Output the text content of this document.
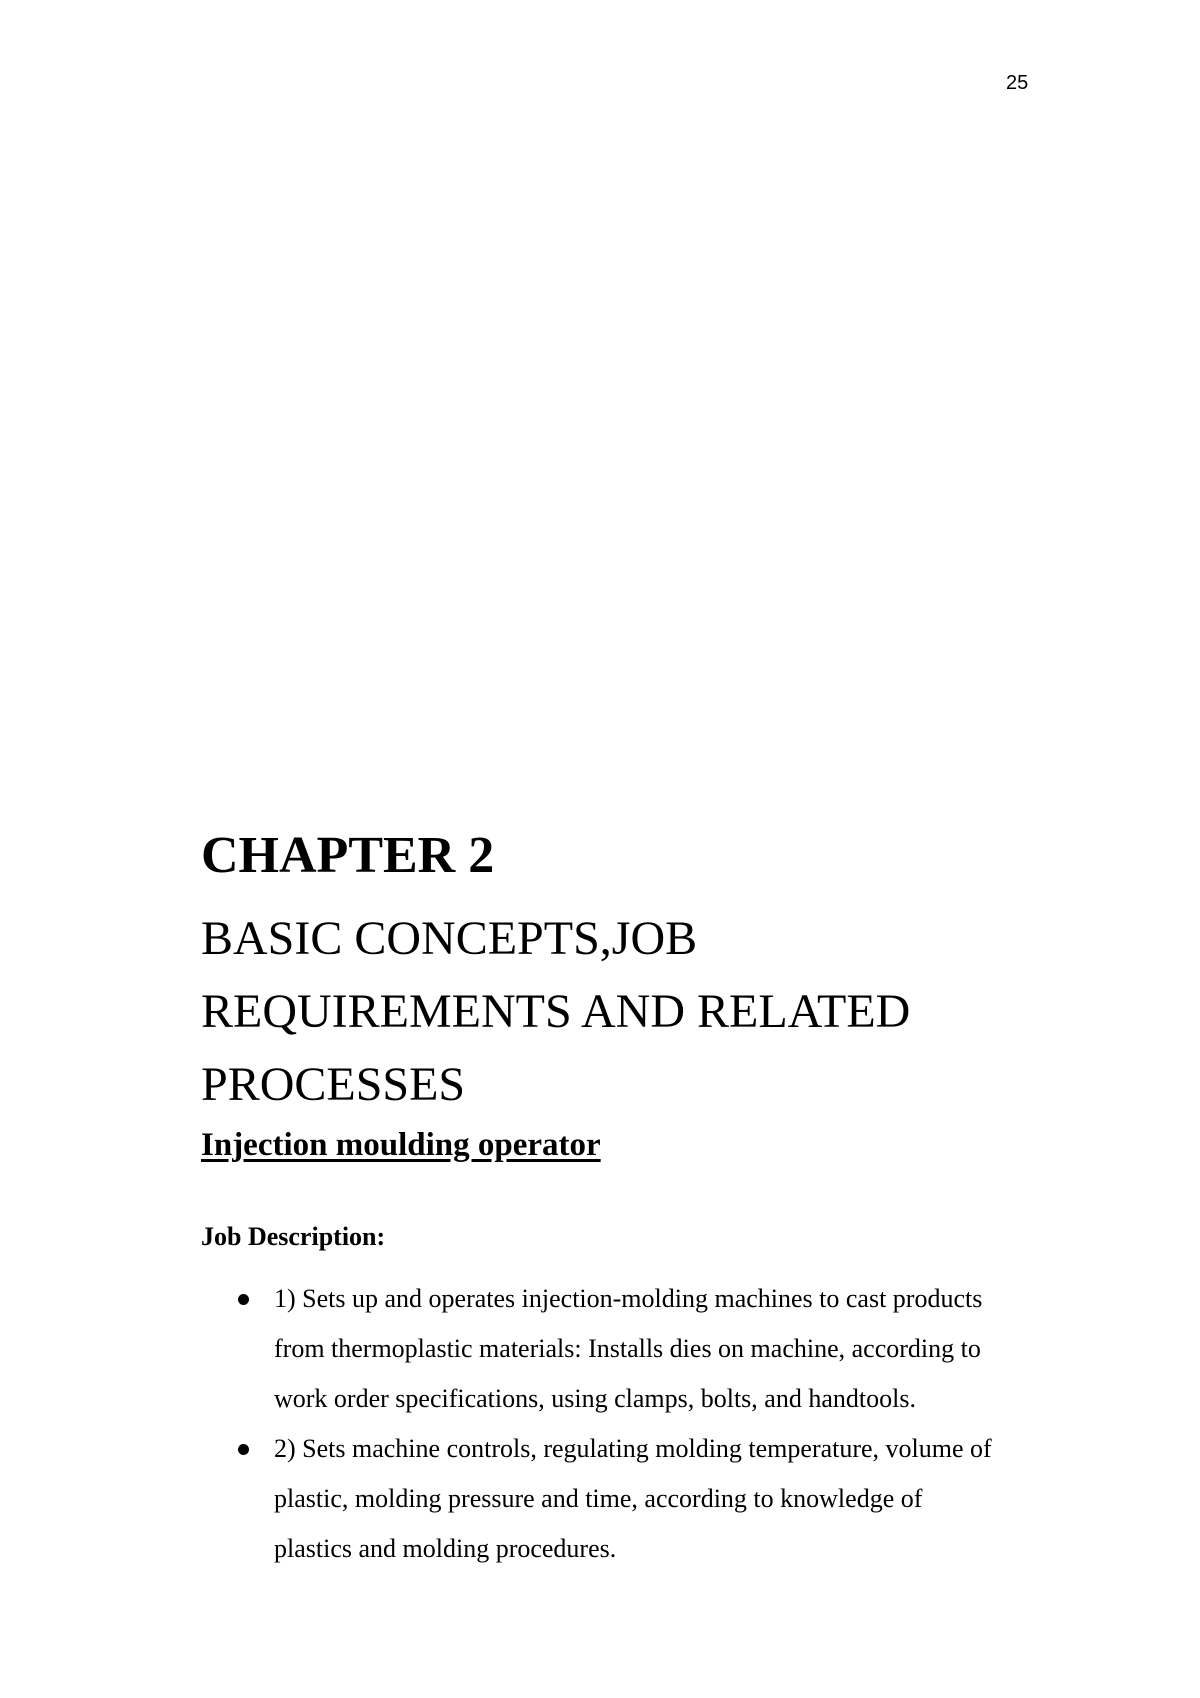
25
CHAPTER 2
BASIC CONCEPTS,JOB
REQUIREMENTS AND RELATED
PROCESSES
Injection moulding operator
Job Description:
1) Sets up and operates injection-molding machines to cast products
from thermoplastic materials: Installs dies on machine, according to
work order specifications, using clamps, bolts, and handtools.
2) Sets machine controls, regulating molding temperature, volume of
plastic, molding pressure and time, according to knowledge of
plastics and molding procedures.
